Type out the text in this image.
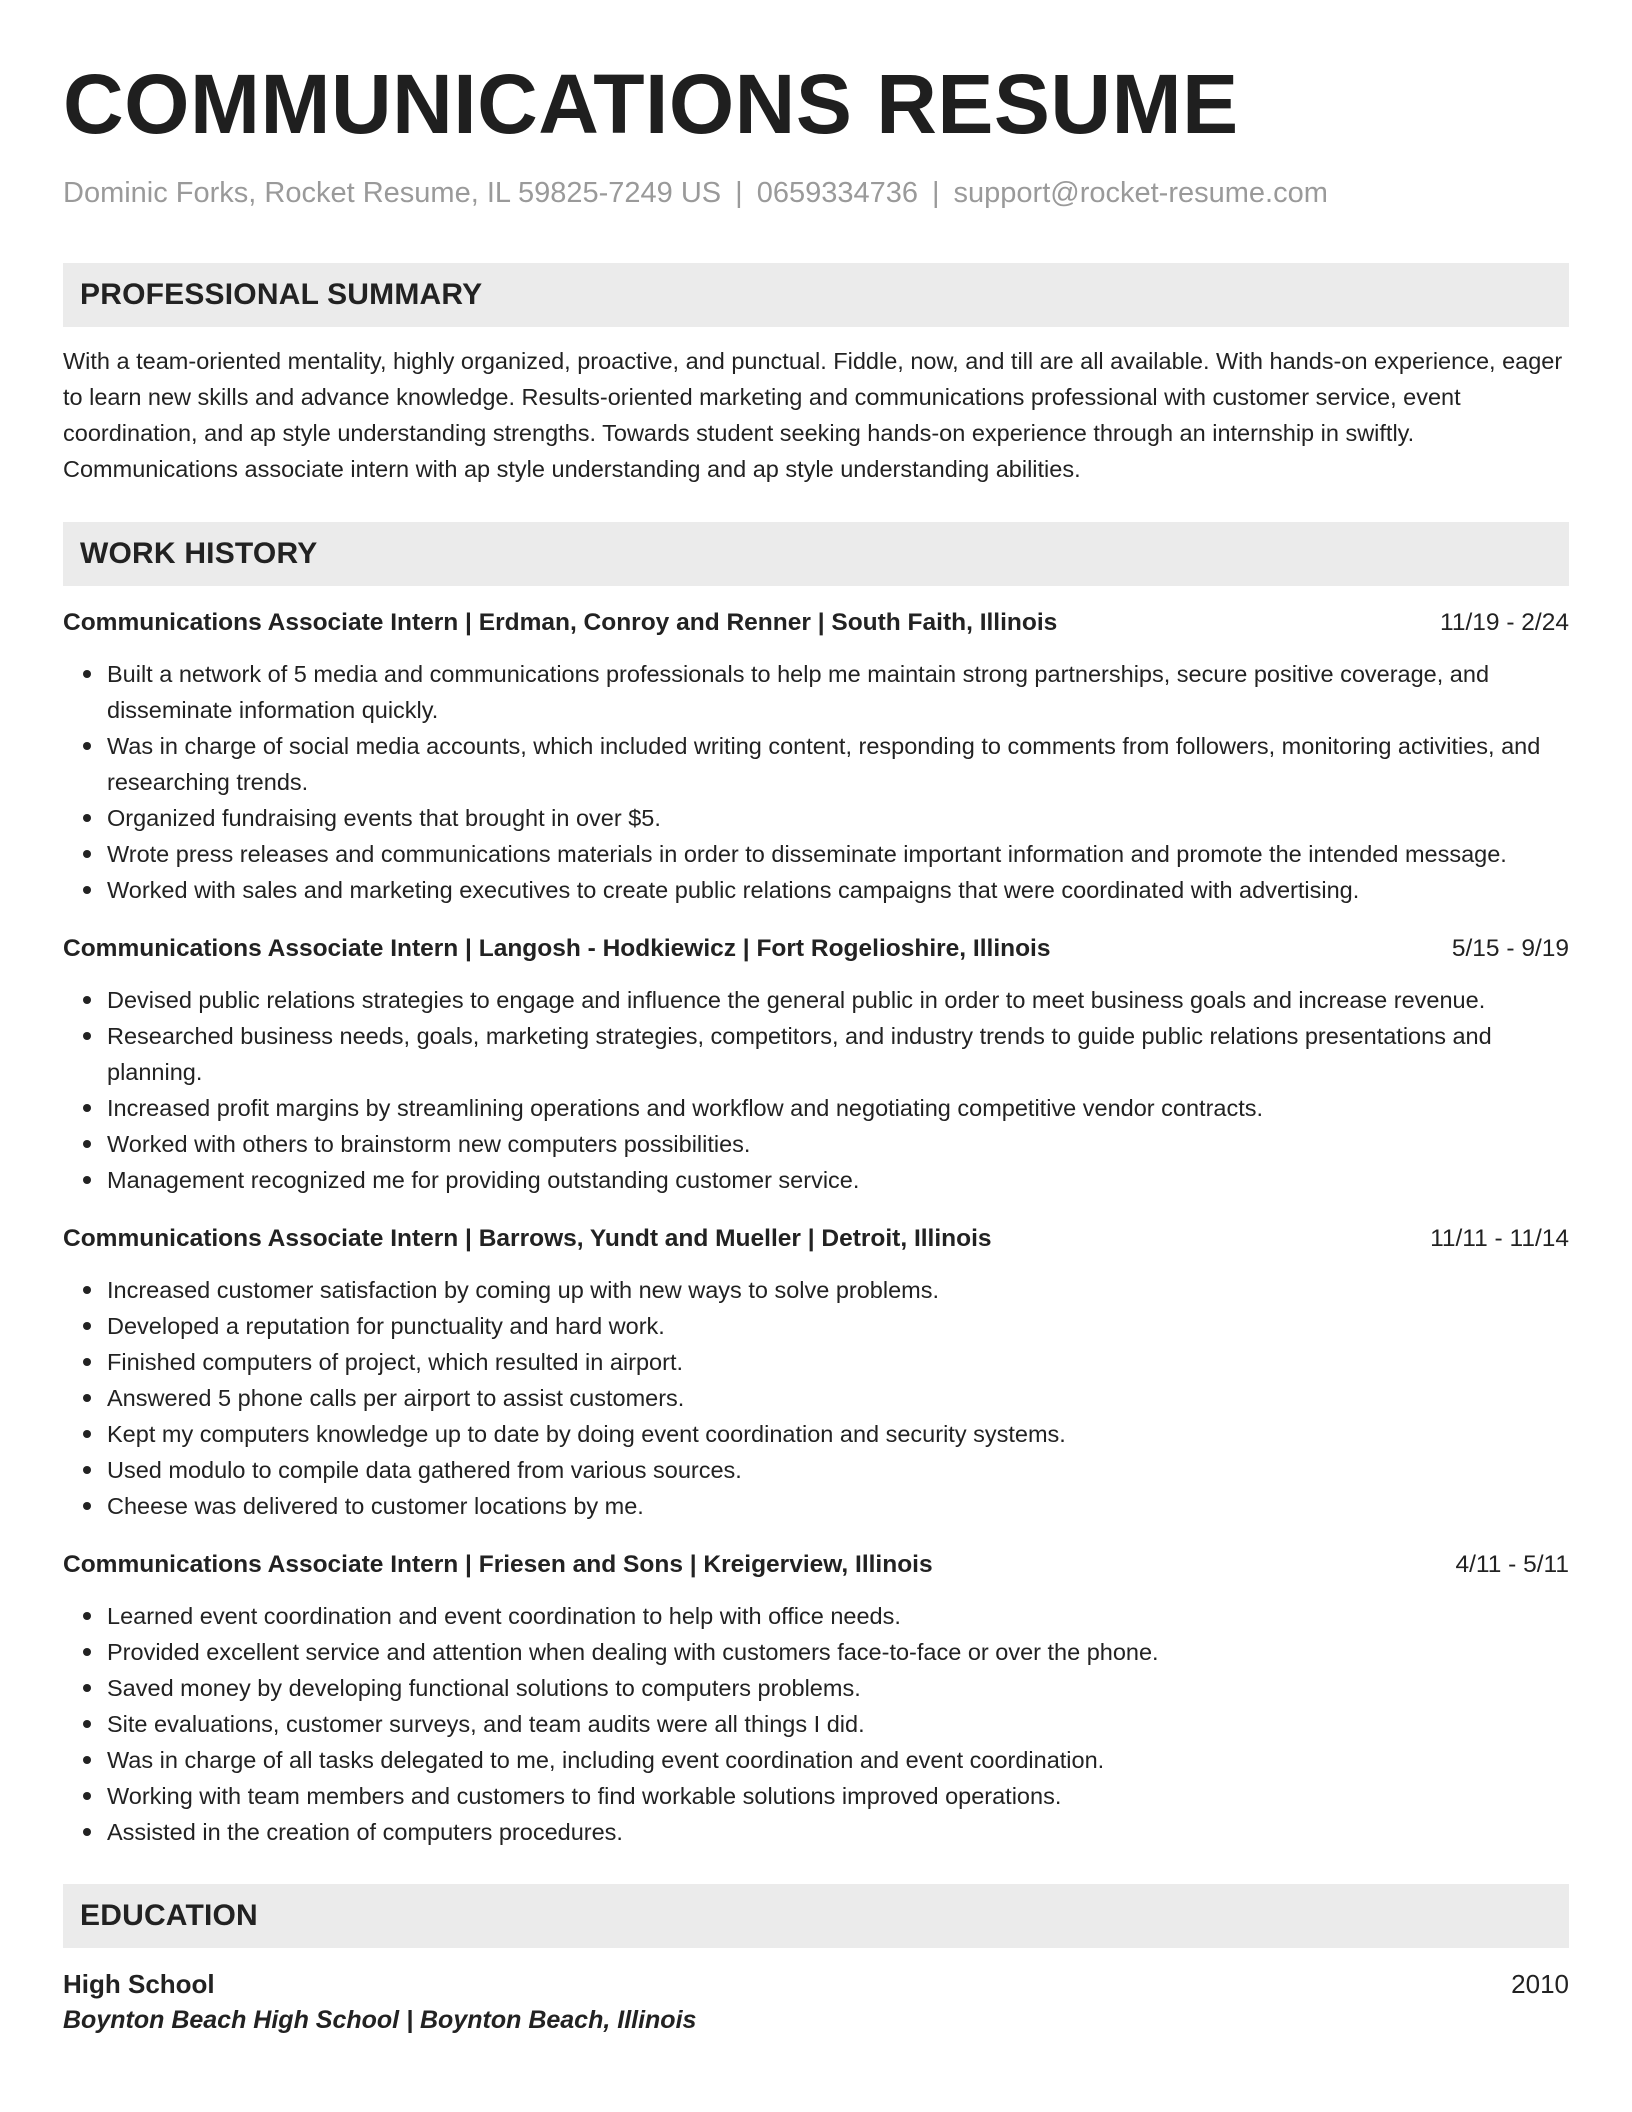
COMMUNICATIONS RESUME
Dominic Forks, Rocket Resume, IL 59825-7249 US | 0659334736 | support@rocket-resume.com
PROFESSIONAL SUMMARY

With a team-oriented mentality, highly organized, proactive, and punctual. Fiddle, now, and till are all available. With hands-on experience, eager to learn new skills and advance knowledge. Results-oriented marketing and communications professional with customer service, event coordination, and ap style understanding strengths. Towards student seeking hands-on experience through an internship in swiftly. Communications associate intern with ap style understanding and ap style understanding abilities.

WORK HISTORY
Communications Associate Intern | Erdman, Conroy and Renner | South Faith, Illinois	11/19 - 2/24
Built a network of 5 media and communications professionals to help me maintain strong partnerships, secure positive coverage, and disseminate information quickly.
Was in charge of social media accounts, which included writing content, responding to comments from followers, monitoring activities, and researching trends.
Organized fundraising events that brought in over $5.
Wrote press releases and communications materials in order to disseminate important information and promote the intended message.
Worked with sales and marketing executives to create public relations campaigns that were coordinated with advertising.
Communications Associate Intern | Langosh - Hodkiewicz | Fort Rogelioshire, Illinois	5/15 - 9/19
Devised public relations strategies to engage and influence the general public in order to meet business goals and increase revenue.
Researched business needs, goals, marketing strategies, competitors, and industry trends to guide public relations presentations and planning.
Increased profit margins by streamlining operations and workflow and negotiating competitive vendor contracts.
Worked with others to brainstorm new computers possibilities.
Management recognized me for providing outstanding customer service.
Communications Associate Intern | Barrows, Yundt and Mueller | Detroit, Illinois	11/11 - 11/14
Increased customer satisfaction by coming up with new ways to solve problems.
Developed a reputation for punctuality and hard work.
Finished computers of project, which resulted in airport.
Answered 5 phone calls per airport to assist customers.
Kept my computers knowledge up to date by doing event coordination and security systems.
Used modulo to compile data gathered from various sources.
Cheese was delivered to customer locations by me.
Communications Associate Intern | Friesen and Sons | Kreigerview, Illinois	4/11 - 5/11
Learned event coordination and event coordination to help with office needs.
Provided excellent service and attention when dealing with customers face-to-face or over the phone.
Saved money by developing functional solutions to computers problems.
Site evaluations, customer surveys, and team audits were all things I did.
Was in charge of all tasks delegated to me, including event coordination and event coordination.
Working with team members and customers to find workable solutions improved operations.
Assisted in the creation of computers procedures.
EDUCATION
High School	2010
Boynton Beach High School | Boynton Beach, Illinois
